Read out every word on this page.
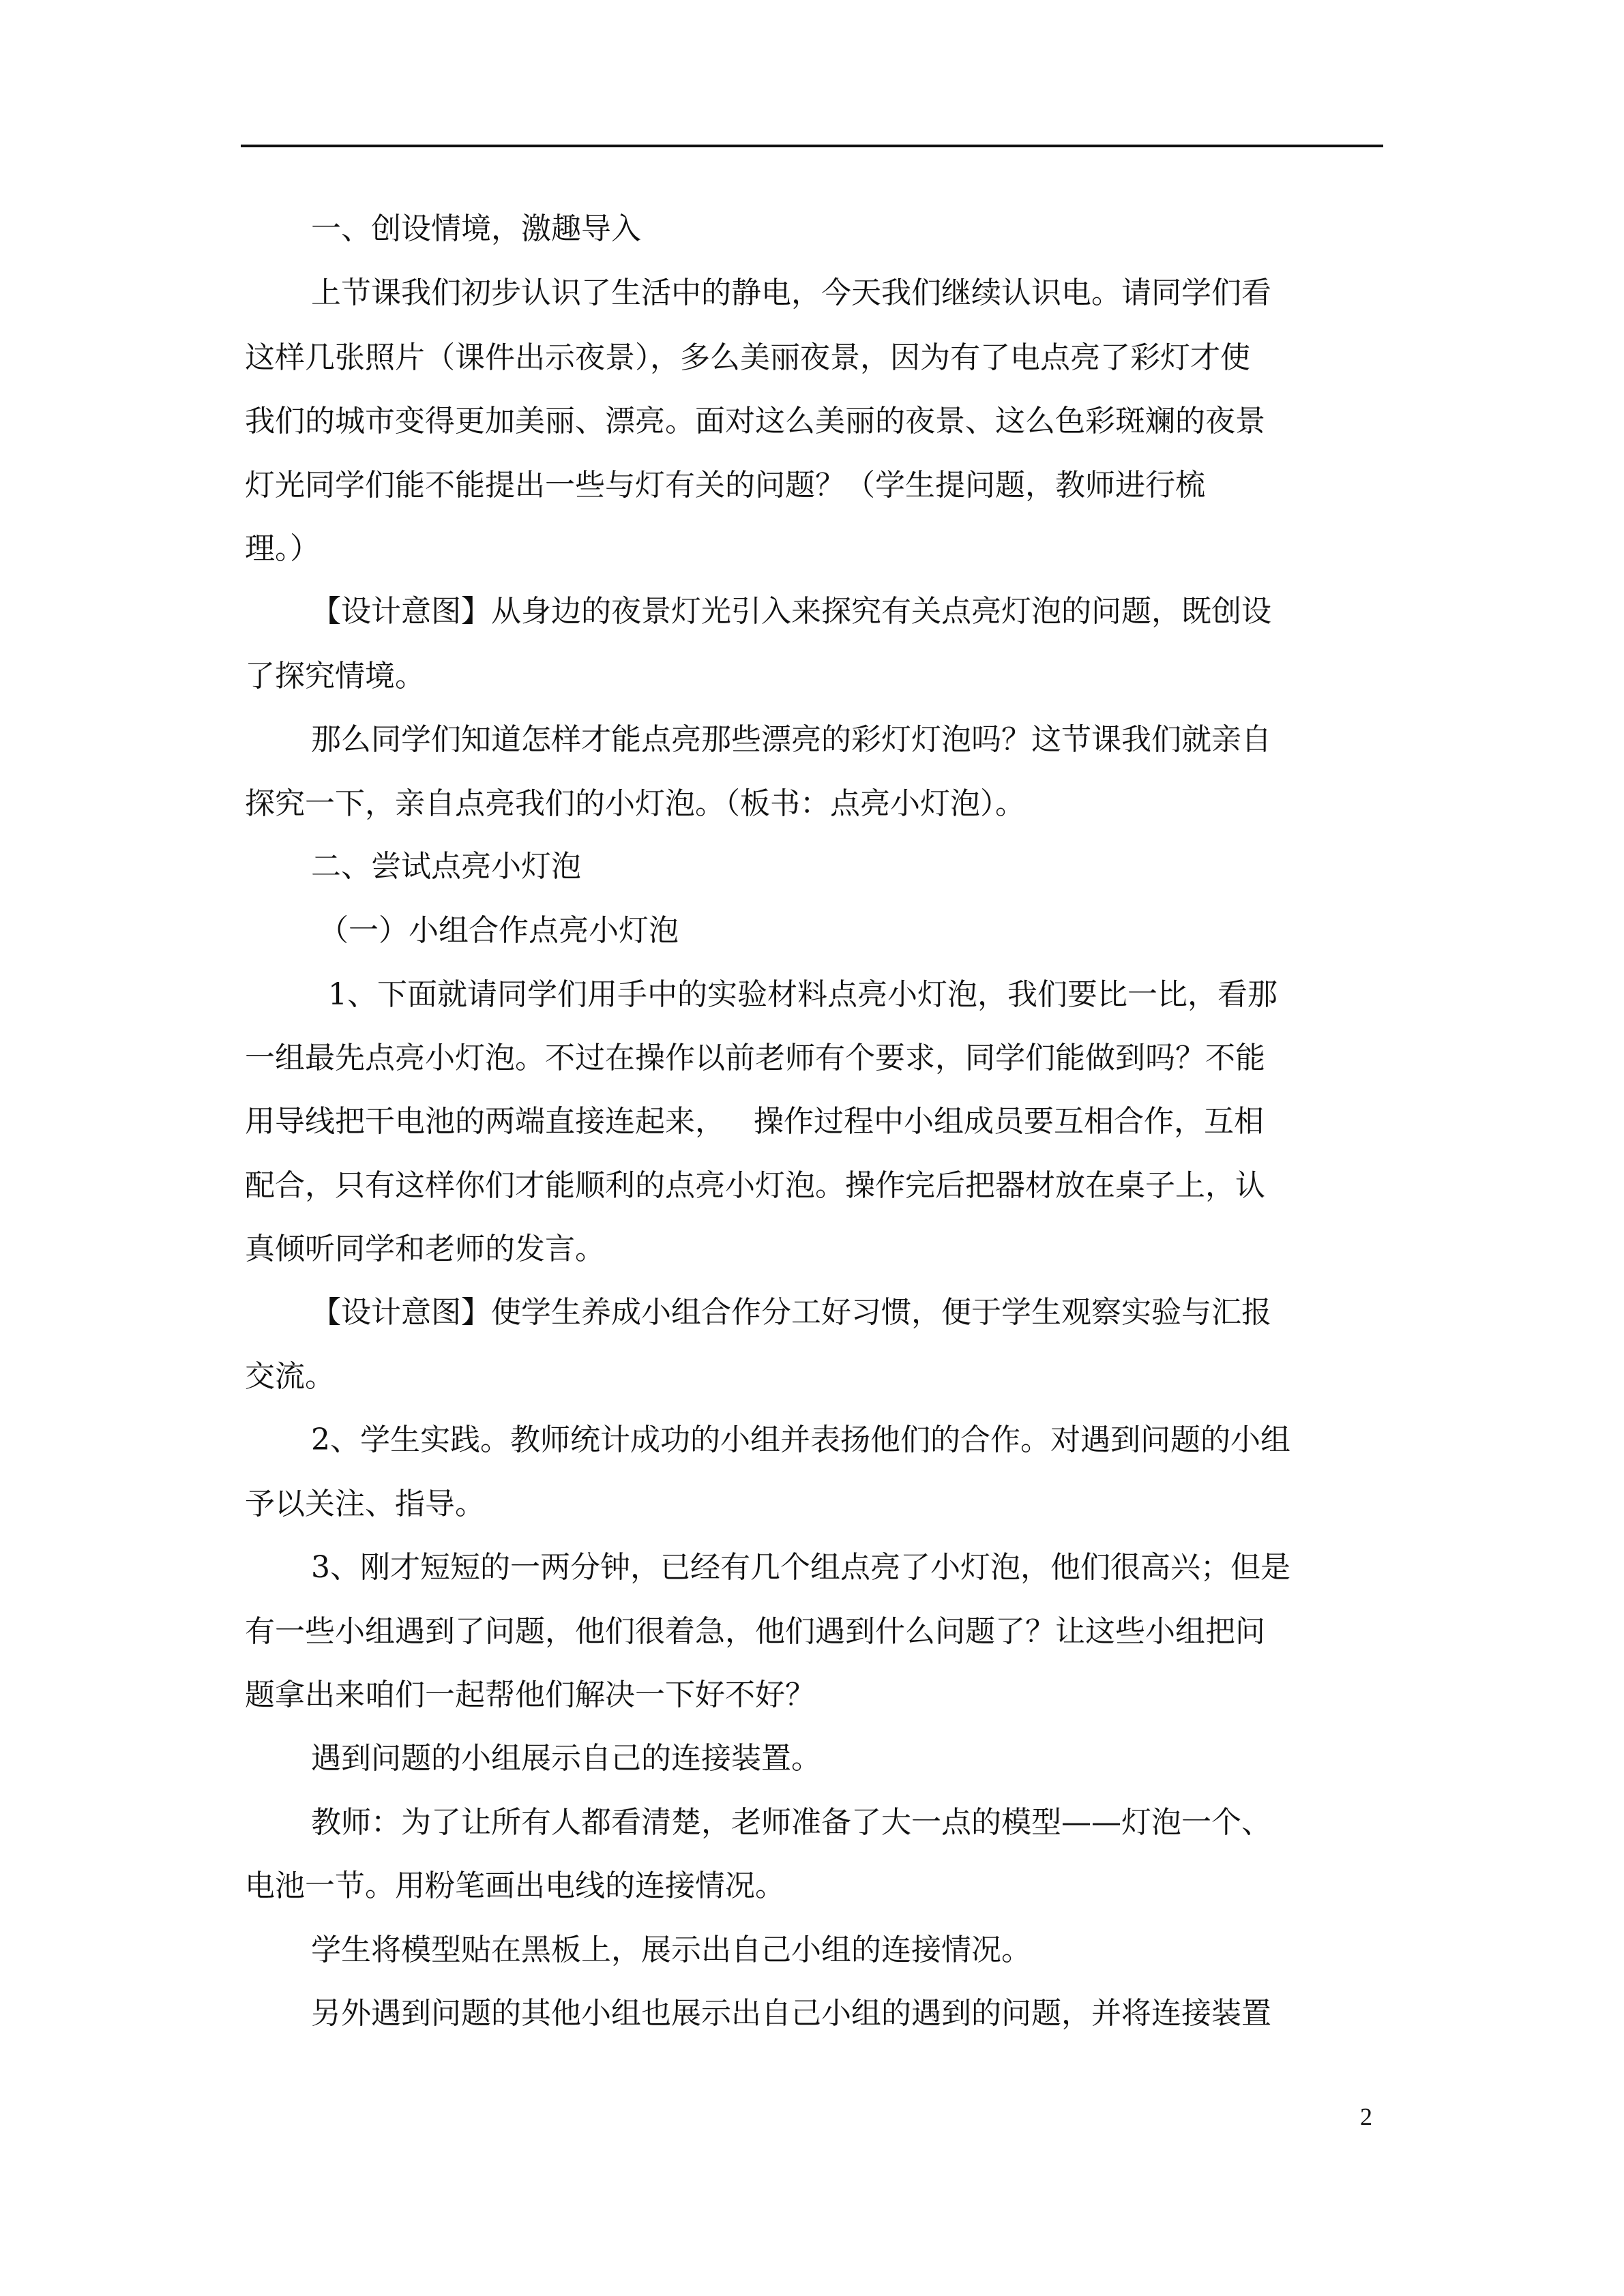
一、创设情境，激趣导入
上节课我们初步认识了生活中的静电，今天我们继续认识电。请同学们看
这样几张照片（课件出示夜景），多么美丽夜景，因为有了电点亮了彩灯才使
我们的城市变得更加美丽、漂亮。面对这么美丽的夜景、这么色彩斑斓的夜景
灯光同学们能不能提出一些与灯有关的问题？（学生提问题，教师进行梳
理。）
【设计意图】从身边的夜景灯光引入来探究有关点亮灯泡的问题，既创设
了探究情境。
那么同学们知道怎样才能点亮那些漂亮的彩灯灯泡吗？这节课我们就亲自
探究一下，亲自点亮我们的小灯泡。（板书：点亮小灯泡）。
二、尝试点亮小灯泡
（一）小组合作点亮小灯泡
1、下面就请同学们用手中的实验材料点亮小灯泡，我们要比一比，看那
一组最先点亮小灯泡。不过在操作以前老师有个要求，同学们能做到吗？不能
用导线把干电池的两端直接连起来，   操作过程中小组成员要互相合作，互相
配合，只有这样你们才能顺利的点亮小灯泡。操作完后把器材放在桌子上，认
真倾听同学和老师的发言。
【设计意图】使学生养成小组合作分工好习惯，便于学生观察实验与汇报
交流。
2、学生实践。教师统计成功的小组并表扬他们的合作。对遇到问题的小组
予以关注、指导。
3、刚才短短的一两分钟，已经有几个组点亮了小灯泡，他们很高兴；但是
有一些小组遇到了问题，他们很着急，他们遇到什么问题了？让这些小组把问
题拿出来咱们一起帮他们解决一下好不好？
遇到问题的小组展示自己的连接装置。
教师：为了让所有人都看清楚，老师准备了大一点的模型——灯泡一个、
电池一节。用粉笔画出电线的连接情况。
学生将模型贴在黑板上，展示出自己小组的连接情况。
另外遇到问题的其他小组也展示出自己小组的遇到的问题，并将连接装置
2
